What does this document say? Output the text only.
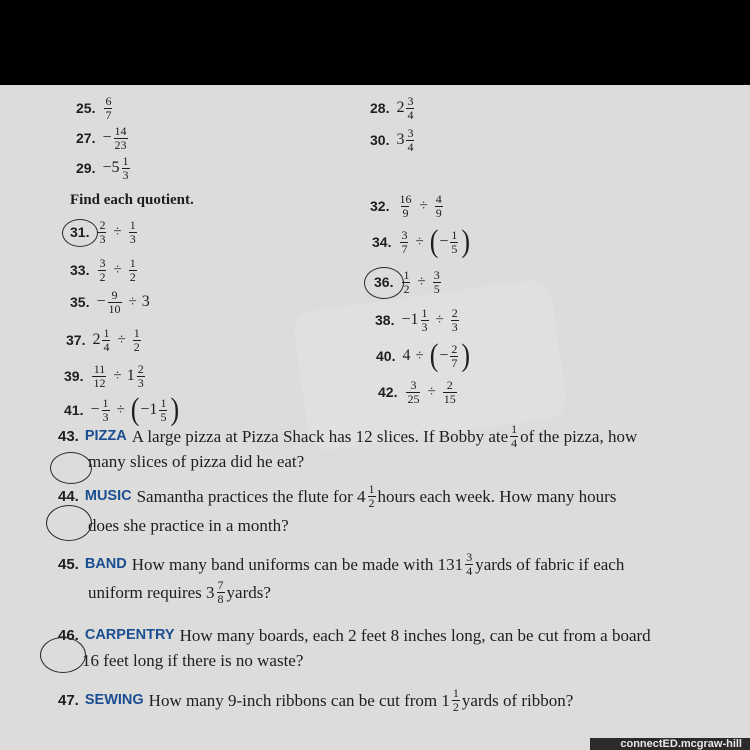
25. $\frac{6}{7}$
27. − $\frac{14}{23}$
29. $-5 \frac{1}{3}$
28. $2 \frac{3}{4}$
30. $3 \frac{3}{4}$
Find each quotient.
31. $\frac{2}{3} \div \frac{1}{3}$
32. $\frac{16}{9} \div \frac{4}{9}$
33. $\frac{3}{2} \div \frac{1}{2}$
34. $\frac{3}{7}$ ÷ ( − $\frac{1}{5}$ )
35. − $\frac{9}{10} \div 3$
36. $\frac{1}{2} \div \frac{3}{5}$
37. $2 \frac{1}{4} \div \frac{1}{2}$
38. $-1 \frac{1}{3} \div \frac{2}{3}$
39. $\frac{11}{12} \div 1 \frac{2}{3}$
40. 4 ÷ ( − $\frac{2}{7}$ )
41. − $\frac{1}{3}$ ÷ ( $-1 \frac{1}{5}$ )	42. $\frac{3}{25} \div \frac{2}{15}$
43. PIZZA A large pizza at Pizza Shack has 12 slices. If Bobby ate $\frac{1}{4}$ of the pizza, how
many slices of pizza did he eat?
44. MUSIC Samantha practices the flute for $4 \frac{1}{2}$ hours each week. How many hours
does she practice in a month?
45. BAND How many band uniforms can be made with $131 \frac{3}{4}$ yards of fabric if each
uniform requires $3 \frac{7}{8}$ yards?
46. CARPENTRY How many boards, each 2 feet 8 inches long, can be cut from a board
16 feet long if there is no waste?
47. SEWING How many 9-inch ribbons can be cut from $1 \frac{1}{2}$ yards of ribbon?
connectED.mcgraw-hill
